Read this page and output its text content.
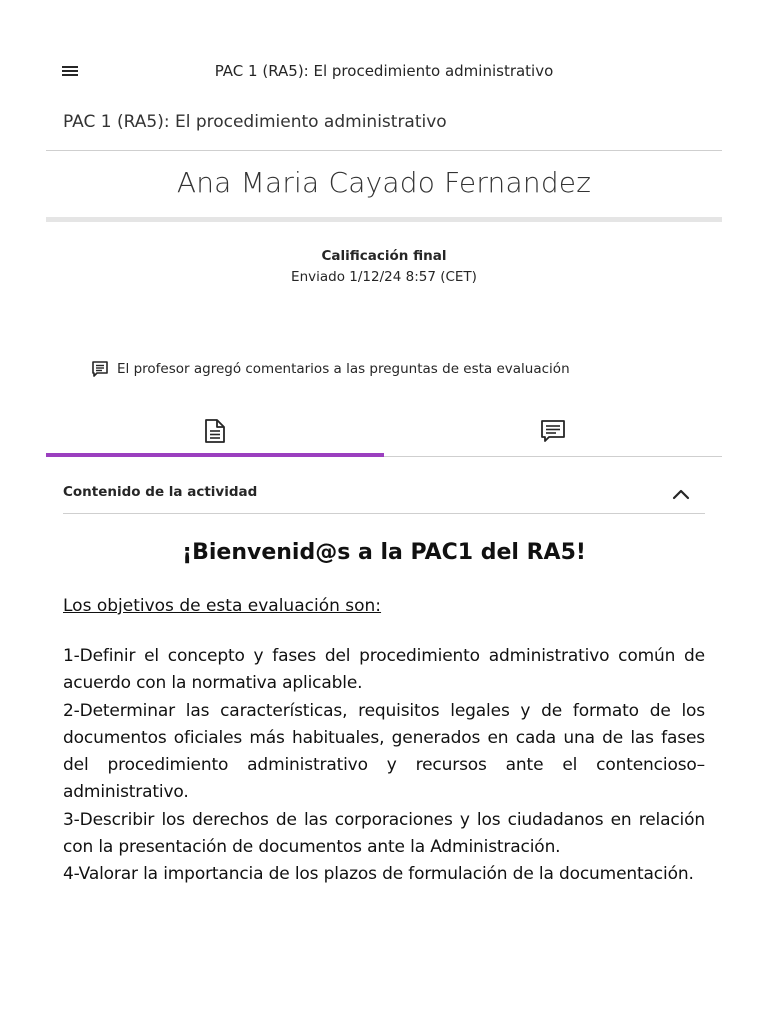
PAC 1 (RA5): El procedimiento administrativo
PAC 1 (RA5): El procedimiento administrativo
Ana Maria Cayado Fernandez
Calificación final
Enviado 1/12/24 8:57 (CET)
El profesor agregó comentarios a las preguntas de esta evaluación
Contenido de la actividad
¡Bienvenid@s a la PAC1 del RA5!
Los objetivos de esta evaluación son:

1-Definir el concepto y fases del procedimiento administrativo común de acuerdo con la normativa aplicable.

2-Determinar las características, requisitos legales y de formato de los documentos oficiales más habituales, generados en cada una de las fases del procedimiento administrativo y recursos ante el contencioso–administrativo.

3-Describir los derechos de las corporaciones y los ciudadanos en relación con la presentación de documentos ante la Administración.

4-Valorar la importancia de los plazos de formulación de la documentación.
